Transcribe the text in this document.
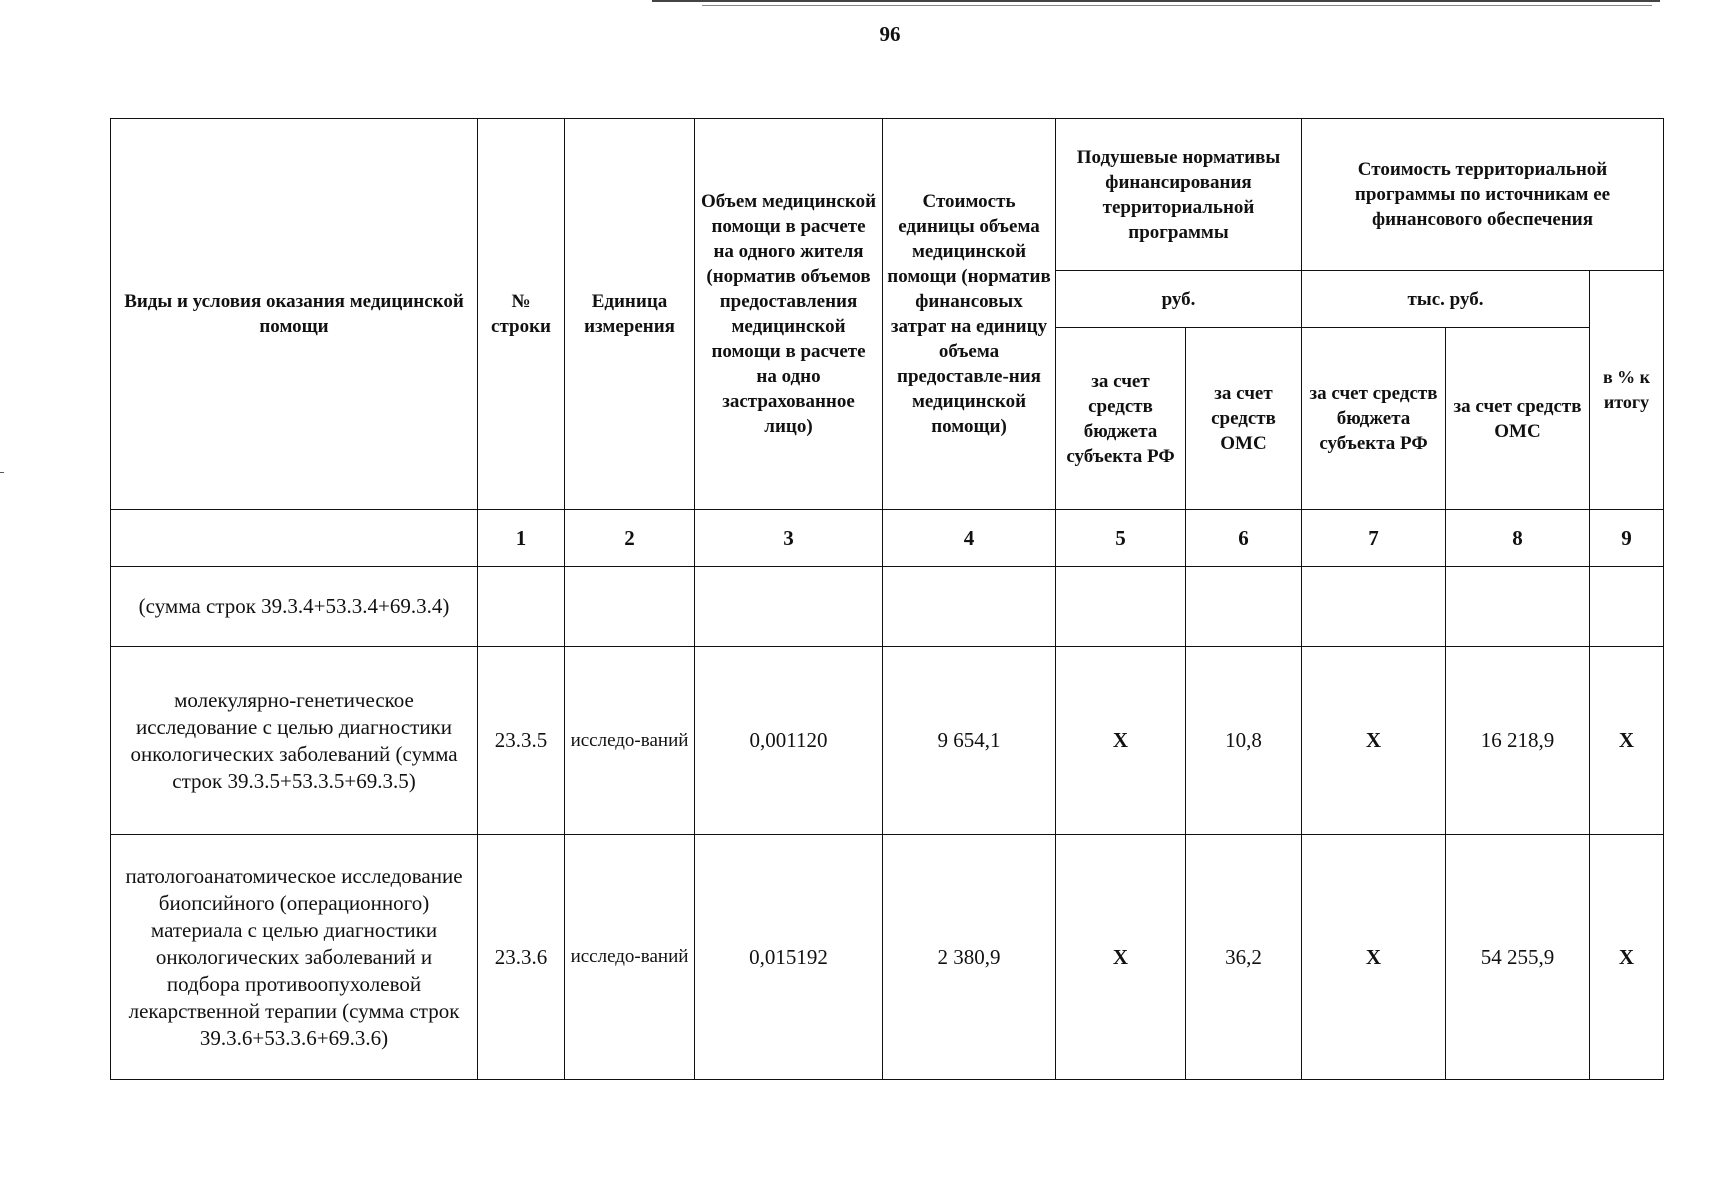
96
Виды и условия оказания медицинской помощи	№ строки	Единица измерения	Объем медицинской помощи в расчете на одного жителя (норматив объемов предоставления медицинской помощи в расчете на одно застрахованное лицо)	Стоимость единицы объема медицинской помощи (норматив финансовых затрат на единицу объема предоставле-ния медицинской помощи)	Подушевые нормативы финансирования территориальной программы		Стоимость территориальной программы по источникам ее финансового обеспечения		
					руб.		тыс. руб.		в % к итогу
					за счет средств бюджета субъекта РФ	за счет средств ОМС	за счет средств бюджета субъекта РФ	за счет средств ОМС	
	1	2	3	4	5	6	7	8	9
(сумма строк 39.3.4+53.3.4+69.3.4)									
молекулярно-генетическое исследование с целью диагностики онкологических заболеваний (сумма строк 39.3.5+53.3.5+69.3.5)	23.3.5	исследо-ваний	0,001120	9 654,1	X	10,8	X	16 218,9	X
патологоанатомическое исследование биопсийного (операционного) материала с целью диагностики онкологических заболеваний и подбора противоопухолевой лекарственной терапии (сумма строк 39.3.6+53.3.6+69.3.6)	23.3.6	исследо-ваний	0,015192	2 380,9	X	36,2	X	54 255,9	X
